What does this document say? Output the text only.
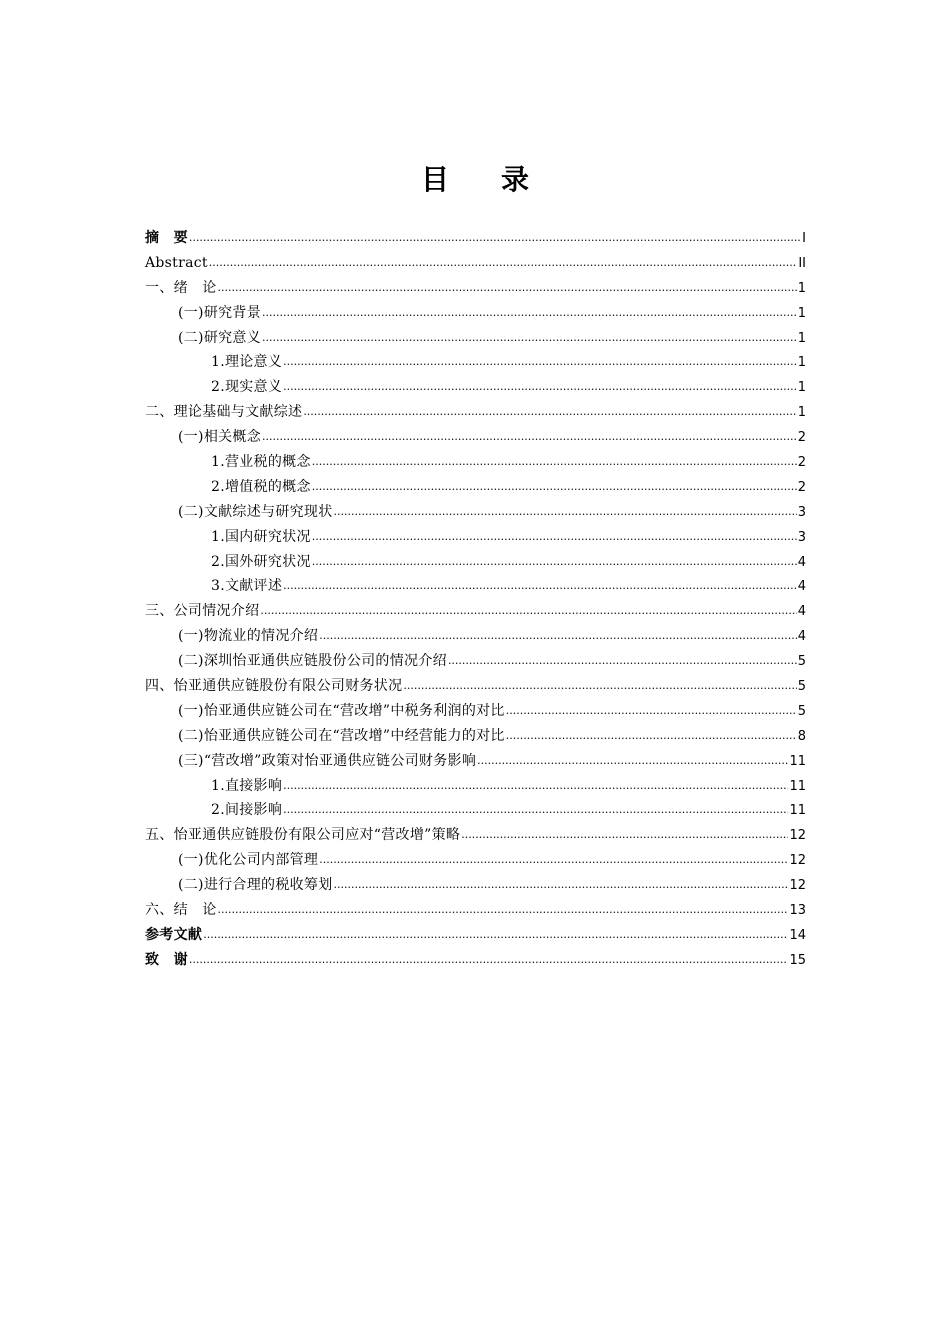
目录
摘　要 .....	I
Abstract .....	II
一、绪　论 .....	1
(一)研究背景 .....	1
(二)研究意义 .....	1
1.理论意义 .....	1
2.现实意义 .....	1
二、理论基础与文献综述 .....	1
(一)相关概念 .....	2
1.营业税的概念 .....	2
2.增值税的概念 .....	2
(二)文献综述与研究现状 .....	3
1.国内研究状况 .....	3
2.国外研究状况 .....	4
3.文献评述 .....	4
三、公司情况介绍 .....	4
(一)物流业的情况介绍 .....	4
(二)深圳怡亚通供应链股份公司的情况介绍 .....	5
四、怡亚通供应链股份有限公司财务状况 .....	5
(一)怡亚通供应链公司在“营改增”中税务利润的对比 .....	5
(二)怡亚通供应链公司在“营改增”中经营能力的对比 .....	8
(三)“营改增”政策对怡亚通供应链公司财务影响 .....	11
1.直接影响 .....	11
2.间接影响 .....	11
五、怡亚通供应链股份有限公司应对“营改增”策略 .....	12
(一)优化公司内部管理 .....	12
(二)进行合理的税收筹划 .....	12
六、结　论 .....	13
参考文献 .....	14
致　谢 .....	15
